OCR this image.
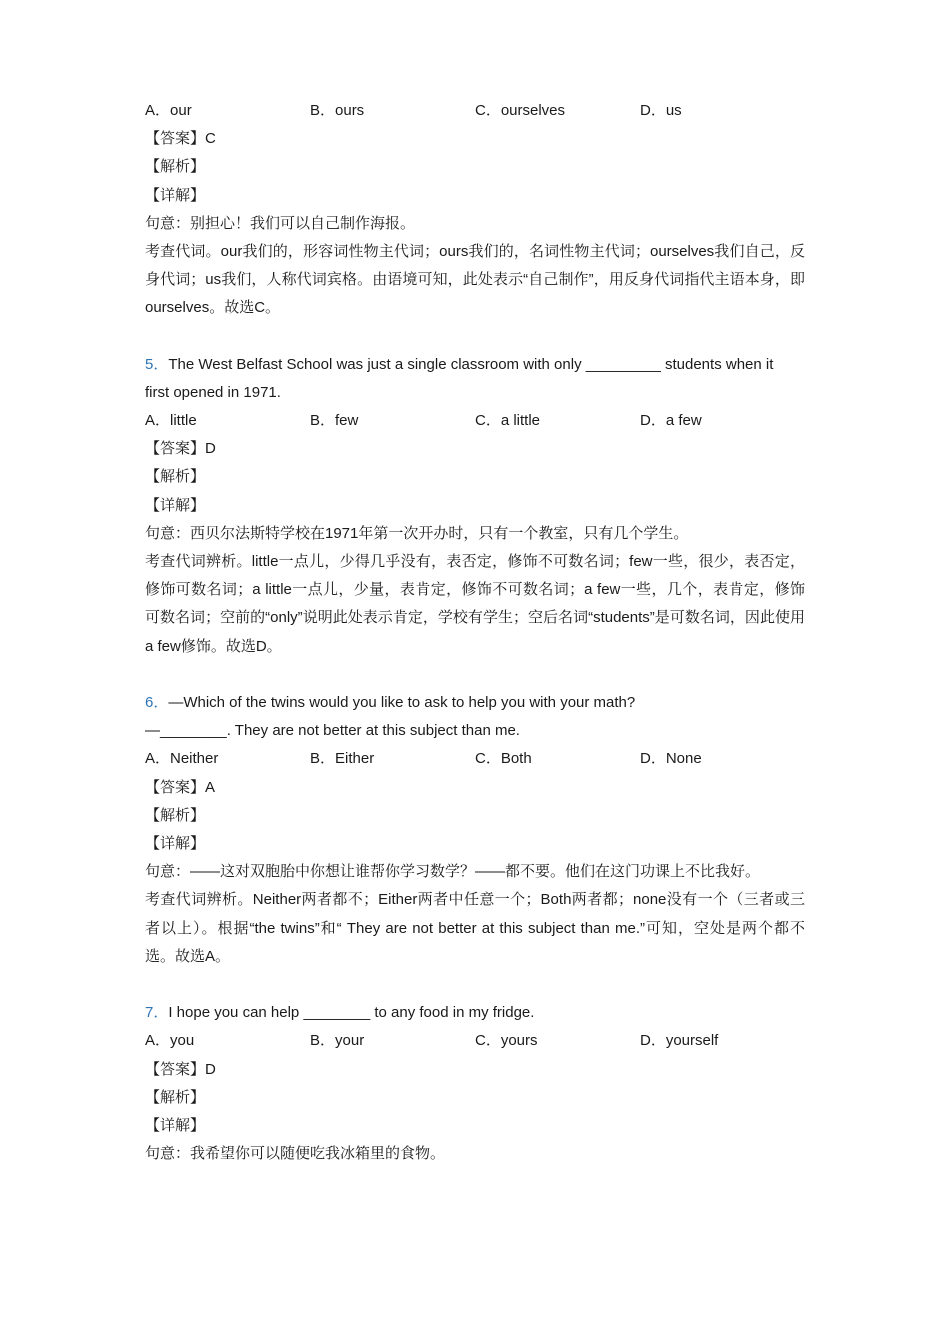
A．our	B．ours	C．ourselves	D．us
【答案】C
【解析】
【详解】
句意：别担心！我们可以自己制作海报。
考查代词。our我们的，形容词性物主代词；ours我们的，名词性物主代词；ourselves我们自己，反身代词；us我们，人称代词宾格。由语境可知，此处表示“自己制作”，用反身代词指代主语本身，即ourselves。故选C。
5．The West Belfast School was just a single classroom with only _________ students when it
first opened in 1971.
A．little	B．few	C．a little	D．a few
【答案】D
【解析】
【详解】
句意：西贝尔法斯特学校在1971年第一次开办时，只有一个教室，只有几个学生。
考查代词辨析。little一点儿，少得几乎没有，表否定，修饰不可数名词；few一些，很少，表否定，修饰可数名词；a little一点儿，少量，表肯定，修饰不可数名词；a few一些，几个，表肯定，修饰可数名词；空前的“only”说明此处表示肯定，学校有学生；空后名词“students”是可数名词，因此使用a few修饰。故选D。
6．—Which of the twins would you like to ask to help you with your math?
—________. They are not better at this subject than me.
A．Neither	B．Either	C．Both	D．None
【答案】A
【解析】
【详解】
句意：——这对双胞胎中你想让谁帮你学习数学？——都不要。他们在这门功课上不比我好。
考查代词辨析。Neither两者都不；Either两者中任意一个；Both两者都；none没有一个（三者或三者以上）。根据“the twins”和“ They are not better at this subject than me.”可知，空处是两个都不选。故选A。
7．I hope you can help ________ to any food in my fridge.
A．you	B．your	C．yours	D．yourself
【答案】D
【解析】
【详解】
句意：我希望你可以随便吃我冰箱里的食物。
